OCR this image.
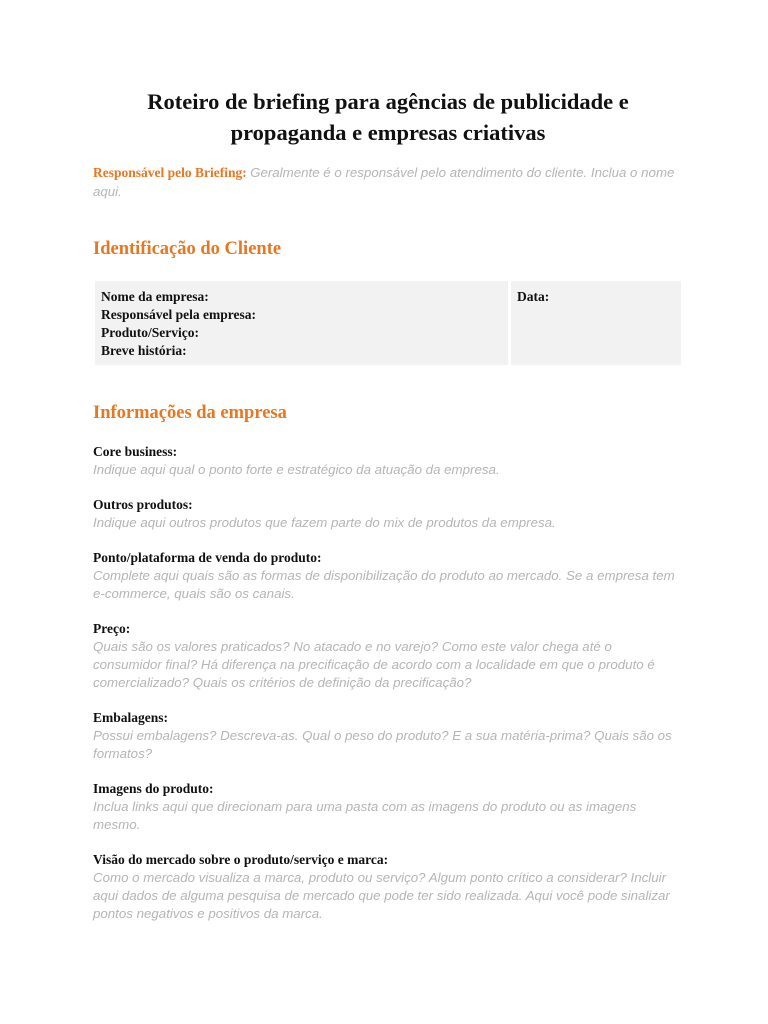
Roteiro de briefing para agências de publicidade e propaganda e empresas criativas

Responsável pelo Briefing: Geralmente é o responsável pelo atendimento do cliente. Inclua o nome aqui.

Identificação do Cliente
Nome da empresa:
Responsável pela empresa:
Produto/Serviço:
Breve história:
Data:
Informações da empresa

Core business:

Indique aqui qual o ponto forte e estratégico da atuação da empresa.

Outros produtos:

Indique aqui outros produtos que fazem parte do mix de produtos da empresa.

Ponto/plataforma de venda do produto:

Complete aqui quais são as formas de disponibilização do produto ao mercado. Se a empresa tem e-commerce, quais são os canais.

Preço:

Quais são os valores praticados? No atacado e no varejo? Como este valor chega até o consumidor final? Há diferença na precificação de acordo com a localidade em que o produto é comercializado? Quais os critérios de definição da precificação?

Embalagens:

Possui embalagens? Descreva-as. Qual o peso do produto? E a sua matéria-prima? Quais são os formatos?

Imagens do produto:

Inclua links aqui que direcionam para uma pasta com as imagens do produto ou as imagens mesmo.

Visão do mercado sobre o produto/serviço e marca:

Como o mercado visualiza a marca, produto ou serviço? Algum ponto crítico a considerar? Incluir aqui dados de alguma pesquisa de mercado que pode ter sido realizada. Aqui você pode sinalizar pontos negativos e positivos da marca.
